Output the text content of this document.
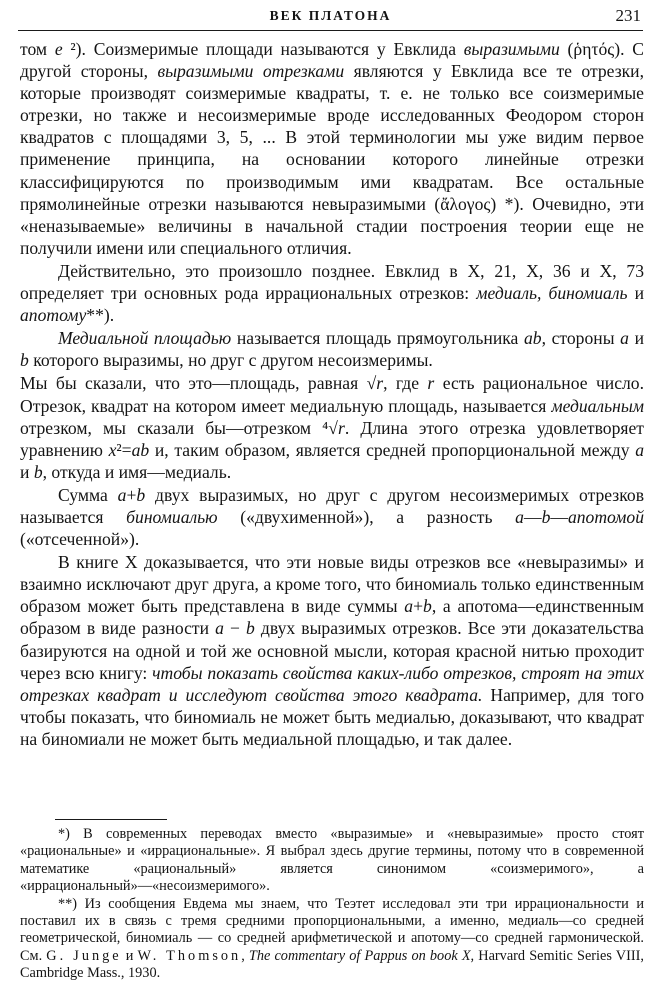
ВЕК ПЛАТОНА	231

том e ²). Соизмеримые площади называются у Евклида выразимыми (ῥητός). С другой стороны, выразимыми отрезками являются у Евклида все те отрезки, которые производят соизмеримые квадраты, т. е. не только все соизмеримые отрезки, но также и несоизмеримые вроде исследованных Феодором сторон квадратов с площадями 3, 5, ... В этой терминологии мы уже видим первое применение принципа, на основании которого линейные отрезки классифицируются по производимым ими квадратам. Все остальные прямолинейные отрезки называются невыразимыми (ἄλογος) *). Очевидно, эти «неназываемые» величины в начальной стадии построения теории еще не получили имени или специального отличия.

Действительно, это произошло позднее. Евклид в X, 21, X, 36 и X, 73 определяет три основных рода иррациональных отрезков: медиаль, биномиаль и апотому**).

Медиальной площадью называется площадь прямоугольника ab, стороны a и b которого выразимы, но друг с другом несоизмеримы.

Мы бы сказали, что это—площадь, равная √r, где r есть рациональное число. Отрезок, квадрат на котором имеет медиальную площадь, называется медиальным отрезком, мы сказали бы—отрезком ⁴√r. Длина этого отрезка удовлетворяет уравнению x²=ab и, таким образом, является средней пропорциональной между a и b, откуда и имя—медиаль.

Сумма a+b двух выразимых, но друг с другом несоизмеримых отрезков называется биномиалью («двухименной»), а разность a—b—апотомой («отсеченной»).

В книге X доказывается, что эти новые виды отрезков все «невыразимы» и взаимно исключают друг друга, а кроме того, что биномиаль только единственным образом может быть представлена в виде суммы a+b, а апотома—единственным образом в виде разности a − b двух выразимых отрезков. Все эти доказательства базируются на одной и той же основной мысли, которая красной нитью проходит через всю книгу: чтобы показать свойства каких-либо отрезков, строят на этих отрезках квадрат и исследуют свойства этого квадрата. Например, для того чтобы показать, что биномиаль не может быть медиалью, доказывают, что квадрат на биномиали не может быть медиальной площадью, и так далее.

*) В современных переводах вместо «выразимые» и «невыразимые» просто стоят «рациональные» и «иррациональные». Я выбрал здесь другие термины, потому что в современной математике «рациональный» является синонимом «соизмеримого», а «иррациональный»—«несоизмеримого».

**) Из сообщения Евдема мы знаем, что Теэтет исследовал эти три иррациональности и поставил их в связь с тремя средними пропорциональными, а именно, медиаль—со средней геометрической, биномиаль — со средней арифметической и апотому—со средней гармонической. См. G. Junge и W. Thomson, The commentary of Pappus on book X, Harvard Semitic Series VIII, Cambridge Mass., 1930.
